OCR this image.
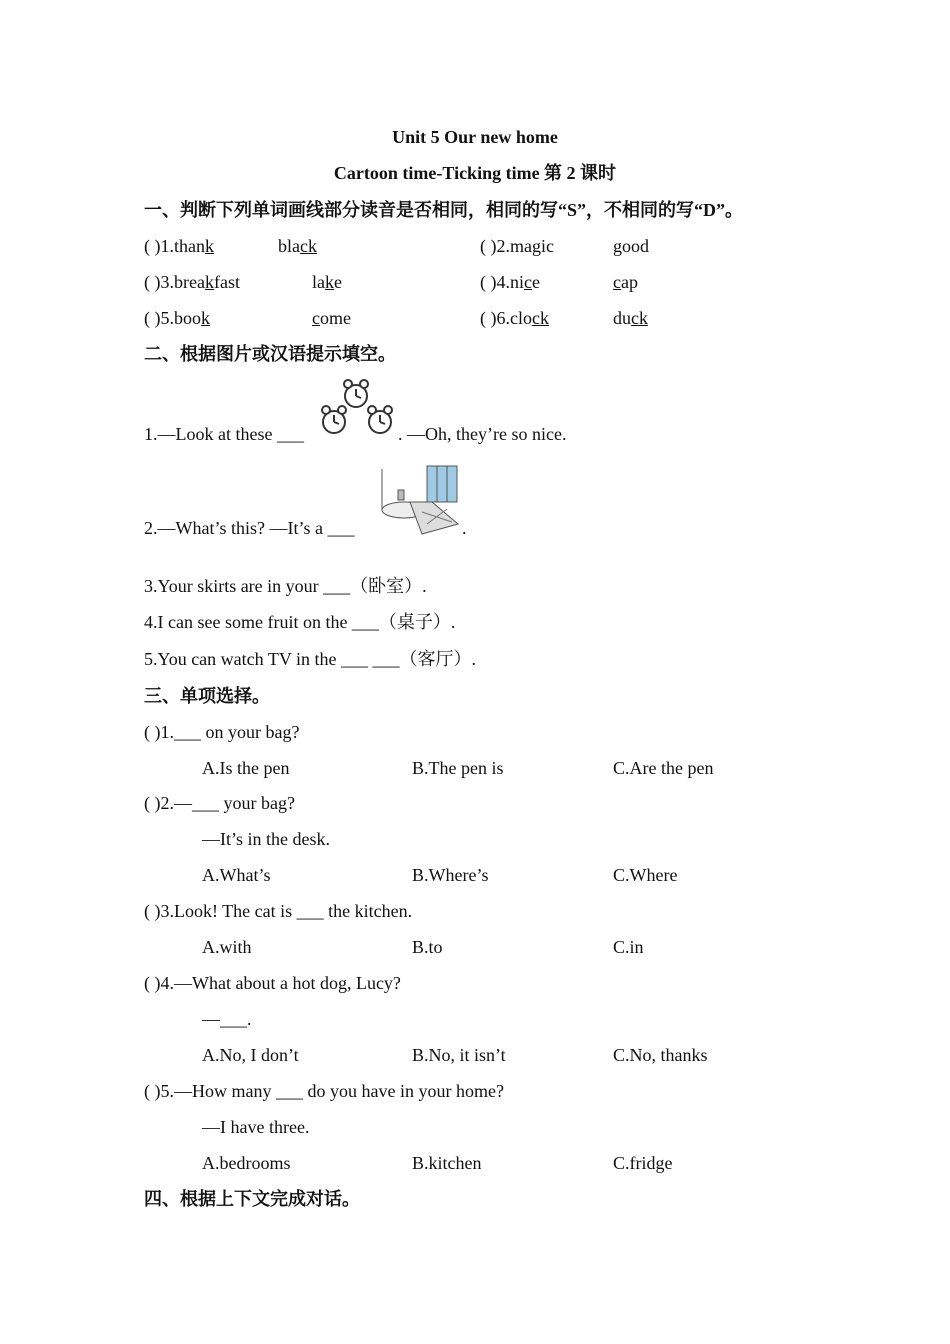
Unit 5 Our new home
Cartoon time-Ticking time 第 2 课时
一、判断下列单词画线部分读音是否相同，相同的写“S”，不相同的写“D”。
( )1.thank	black	( )2.magic	good
( )3.breakfast	lake	( )4.nice	cap
( )5.book	come	( )6.clock	duck
二、根据图片或汉语提示填空。
1.—Look at these ___	. —Oh, they’re so nice.
2.—What’s this? —It’s a ___	.
3.Your skirts are in your ___（卧室）.
4.I can see some fruit on the ___（桌子）.
5.You can watch TV in the ___ ___（客厅）.
三、单项选择。
( )1.___ on your bag?
A.Is the pen	B.The pen is	C.Are the pen
( )2.—___ your bag?
—It’s in the desk.
A.What’s	B.Where’s	C.Where
( )3.Look! The cat is ___ the kitchen.
A.with	B.to	C.in
( )4.—What about a hot dog, Lucy?
—___.
A.No, I don’t	B.No, it isn’t	C.No, thanks
( )5.—How many ___ do you have in your home?
—I have three.
A.bedrooms	B.kitchen	C.fridge
四、根据上下文完成对话。
